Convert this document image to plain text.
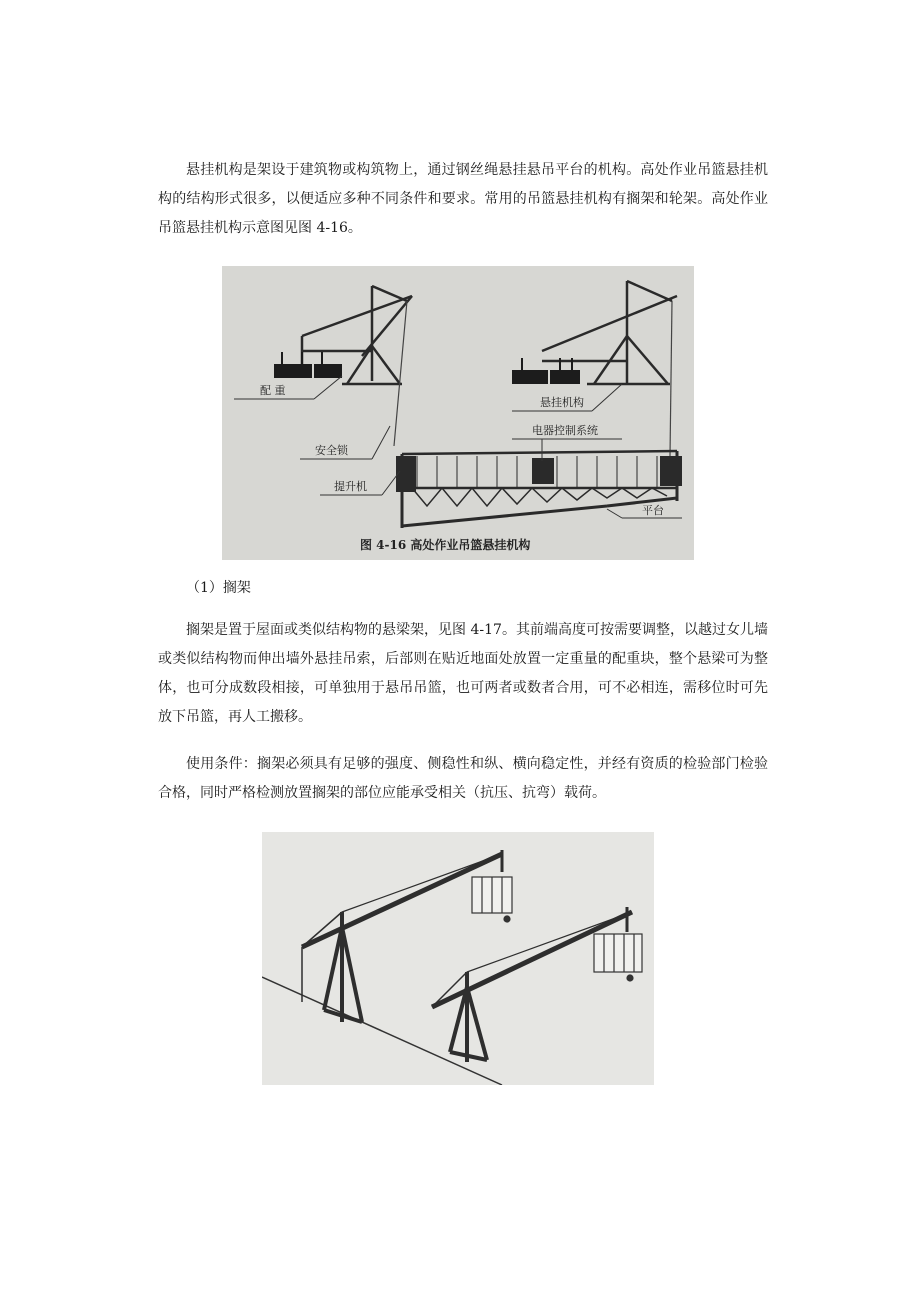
悬挂机构是架设于建筑物或构筑物上，通过钢丝绳悬挂悬吊平台的机构。高处作业吊篮悬挂机构的结构形式很多，以便适应多种不同条件和要求。常用的吊篮悬挂机构有搁架和轮架。高处作业吊篮悬挂机构示意图见图 4-16。

配 重
悬挂机构
安全锁
电器控制系统
提升机
平台
图 4-16 高处作业吊篮悬挂机构

（1）搁架

搁架是置于屋面或类似结构物的悬梁架，见图 4-17。其前端高度可按需要调整，以越过女儿墙或类似结构物而伸出墙外悬挂吊索，后部则在贴近地面处放置一定重量的配重块，整个悬梁可为整体，也可分成数段相接，可单独用于悬吊吊篮，也可两者或数者合用，可不必相连，需移位时可先放下吊篮，再人工搬移。

使用条件：搁架必须具有足够的强度、侧稳性和纵、横向稳定性，并经有资质的检验部门检验合格，同时严格检测放置搁架的部位应能承受相关（抗压、抗弯）载荷。
